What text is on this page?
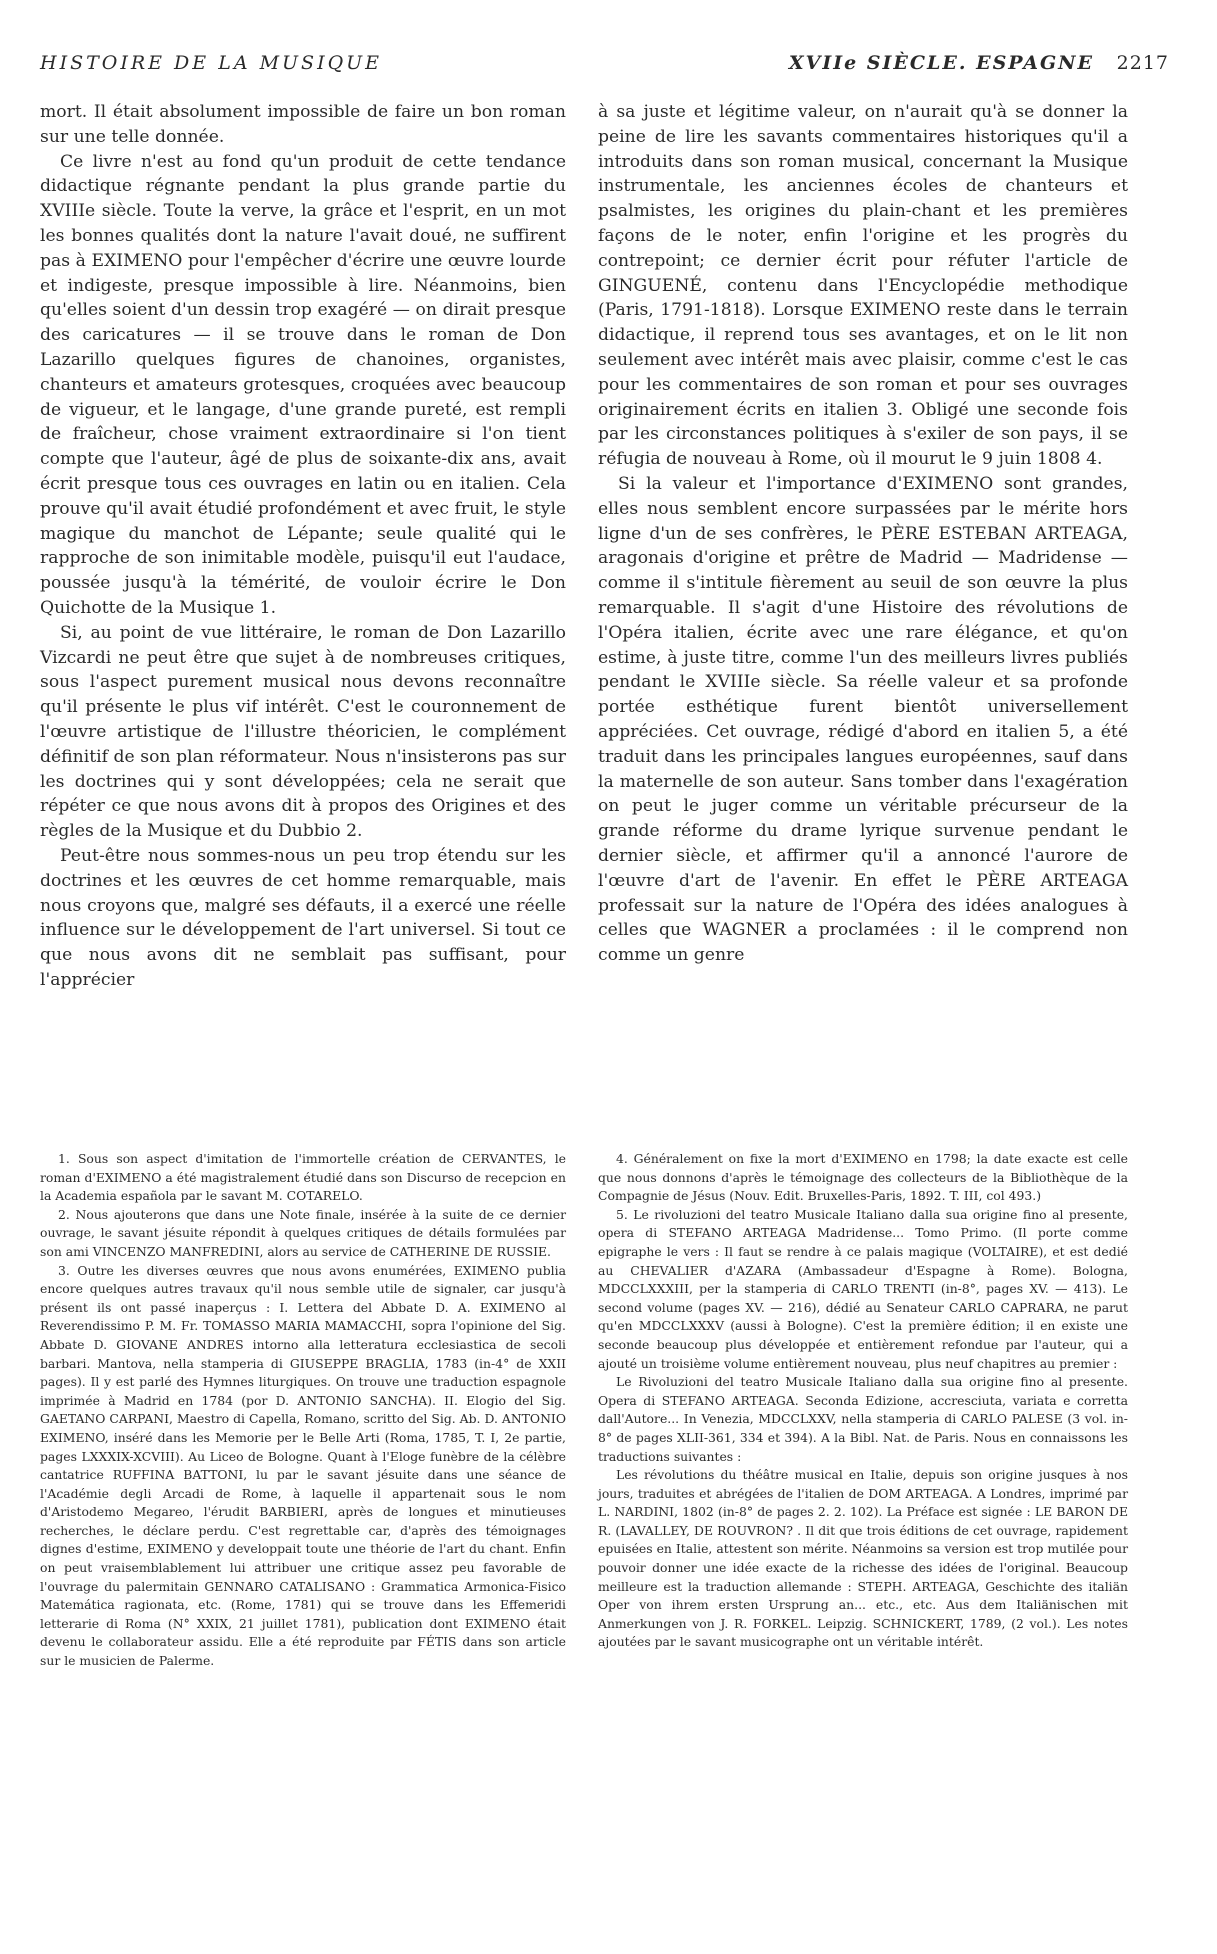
HISTOIRE DE LA MUSIQUE	XVIIe SIÈCLE. ESPAGNE 2217

mort. Il était absolument impossible de faire un bon roman sur une telle donnée.

Ce livre n'est au fond qu'un produit de cette tendance didactique régnante pendant la plus grande partie du XVIIIe siècle. Toute la verve, la grâce et l'esprit, en un mot les bonnes qualités dont la nature l'avait doué, ne suffirent pas à EXIMENO pour l'empêcher d'écrire une œuvre lourde et indigeste, presque impossible à lire. Néanmoins, bien qu'elles soient d'un dessin trop exagéré — on dirait presque des caricatures — il se trouve dans le roman de Don Lazarillo quelques figures de chanoines, organistes, chanteurs et amateurs grotesques, croquées avec beaucoup de vigueur, et le langage, d'une grande pureté, est rempli de fraîcheur, chose vraiment extraordinaire si l'on tient compte que l'auteur, âgé de plus de soixante-dix ans, avait écrit presque tous ces ouvrages en latin ou en italien. Cela prouve qu'il avait étudié profondément et avec fruit, le style magique du manchot de Lépante; seule qualité qui le rapproche de son inimitable modèle, puisqu'il eut l'audace, poussée jusqu'à la témérité, de vouloir écrire le Don Quichotte de la Musique 1.

Si, au point de vue littéraire, le roman de Don Lazarillo Vizcardi ne peut être que sujet à de nombreuses critiques, sous l'aspect purement musical nous devons reconnaître qu'il présente le plus vif intérêt. C'est le couronnement de l'œuvre artistique de l'illustre théoricien, le complément définitif de son plan réformateur. Nous n'insisterons pas sur les doctrines qui y sont développées; cela ne serait que répéter ce que nous avons dit à propos des Origines et des règles de la Musique et du Dubbio 2.

Peut-être nous sommes-nous un peu trop étendu sur les doctrines et les œuvres de cet homme remarquable, mais nous croyons que, malgré ses défauts, il a exercé une réelle influence sur le développement de l'art universel. Si tout ce que nous avons dit ne semblait pas suffisant, pour l'apprécier

à sa juste et légitime valeur, on n'aurait qu'à se donner la peine de lire les savants commentaires historiques qu'il a introduits dans son roman musical, concernant la Musique instrumentale, les anciennes écoles de chanteurs et psalmistes, les origines du plain-chant et les premières façons de le noter, enfin l'origine et les progrès du contrepoint; ce dernier écrit pour réfuter l'article de GINGUENÉ, contenu dans l'Encyclopédie methodique (Paris, 1791-1818). Lorsque EXIMENO reste dans le terrain didactique, il reprend tous ses avantages, et on le lit non seulement avec intérêt mais avec plaisir, comme c'est le cas pour les commentaires de son roman et pour ses ouvrages originairement écrits en italien 3. Obligé une seconde fois par les circonstances politiques à s'exiler de son pays, il se réfugia de nouveau à Rome, où il mourut le 9 juin 1808 4.

Si la valeur et l'importance d'EXIMENO sont grandes, elles nous semblent encore surpassées par le mérite hors ligne d'un de ses confrères, le PÈRE ESTEBAN ARTEAGA, aragonais d'origine et prêtre de Madrid — Madridense — comme il s'intitule fièrement au seuil de son œuvre la plus remarquable. Il s'agit d'une Histoire des révolutions de l'Opéra italien, écrite avec une rare élégance, et qu'on estime, à juste titre, comme l'un des meilleurs livres publiés pendant le XVIIIe siècle. Sa réelle valeur et sa profonde portée esthétique furent bientôt universellement appréciées. Cet ouvrage, rédigé d'abord en italien 5, a été traduit dans les principales langues européennes, sauf dans la maternelle de son auteur. Sans tomber dans l'exagération on peut le juger comme un véritable précurseur de la grande réforme du drame lyrique survenue pendant le dernier siècle, et affirmer qu'il a annoncé l'aurore de l'œuvre d'art de l'avenir. En effet le PÈRE ARTEAGA professait sur la nature de l'Opéra des idées analogues à celles que WAGNER a proclamées : il le comprend non comme un genre

1. Sous son aspect d'imitation de l'immortelle création de CERVANTES, le roman d'EXIMENO a été magistralement étudié dans son Discurso de recepcion en la Academia española par le savant M. COTARELO.

2. Nous ajouterons que dans une Note finale, insérée à la suite de ce dernier ouvrage, le savant jésuite répondit à quelques critiques de détails formulées par son ami VINCENZO MANFREDINI, alors au service de CATHERINE DE RUSSIE.

3. Outre les diverses œuvres que nous avons enumérées, EXIMENO publia encore quelques autres travaux qu'il nous semble utile de signaler, car jusqu'à présent ils ont passé inaperçus : I. Lettera del Abbate D. A. EXIMENO al Reverendissimo P. M. Fr. TOMASSO MARIA MAMACCHI, sopra l'opinione del Sig. Abbate D. GIOVANE ANDRES intorno alla letteratura ecclesiastica de secoli barbari. Mantova, nella stamperia di GIUSEPPE BRAGLIA, 1783 (in-4° de XXII pages). Il y est parlé des Hymnes liturgiques. On trouve une traduction espagnole imprimée à Madrid en 1784 (por D. ANTONIO SANCHA). II. Elogio del Sig. GAETANO CARPANI, Maestro di Capella, Romano, scritto del Sig. Ab. D. ANTONIO EXIMENO, inséré dans les Memorie per le Belle Arti (Roma, 1785, T. I, 2e partie, pages LXXXIX-XCVIII). Au Liceo de Bologne. Quant à l'Eloge funèbre de la célèbre cantatrice RUFFINA BATTONI, lu par le savant jésuite dans une séance de l'Académie degli Arcadi de Rome, à laquelle il appartenait sous le nom d'Aristodemo Megareo, l'érudit BARBIERI, après de longues et minutieuses recherches, le déclare perdu. C'est regrettable car, d'après des témoignages dignes d'estime, EXIMENO y developpait toute une théorie de l'art du chant. Enfin on peut vraisemblablement lui attribuer une critique assez peu favorable de l'ouvrage du palermitain GENNARO CATALISANO : Grammatica Armonica-Fisico Matemática ragionata, etc. (Rome, 1781) qui se trouve dans les Effemeridi letterarie di Roma (N° XXIX, 21 juillet 1781), publication dont EXIMENO était devenu le collaborateur assidu. Elle a été reproduite par FÉTIS dans son article sur le musicien de Palerme.

4. Généralement on fixe la mort d'EXIMENO en 1798; la date exacte est celle que nous donnons d'après le témoignage des collecteurs de la Bibliothèque de la Compagnie de Jésus (Nouv. Edit. Bruxelles-Paris, 1892. T. III, col 493.)

5. Le rivoluzioni del teatro Musicale Italiano dalla sua origine fino al presente, opera di STEFANO ARTEAGA Madridense... Tomo Primo. (Il porte comme epigraphe le vers : Il faut se rendre à ce palais magique (VOLTAIRE), et est dedié au CHEVALIER d'AZARA (Ambassadeur d'Espagne à Rome). Bologna, MDCCLXXXIII, per la stamperia di CARLO TRENTI (in-8°, pages XV. — 413). Le second volume (pages XV. — 216), dédié au Senateur CARLO CAPRARA, ne parut qu'en MDCCLXXXV (aussi à Bologne). C'est la première édition; il en existe une seconde beaucoup plus développée et entièrement refondue par l'auteur, qui a ajouté un troisième volume entièrement nouveau, plus neuf chapitres au premier :

Le Rivoluzioni del teatro Musicale Italiano dalla sua origine fino al presente. Opera di STEFANO ARTEAGA. Seconda Edizione, accresciuta, variata e corretta dall'Autore... In Venezia, MDCCLXXV, nella stamperia di CARLO PALESE (3 vol. in-8° de pages XLII-361, 334 et 394). A la Bibl. Nat. de Paris. Nous en connaissons les traductions suivantes :

Les révolutions du théâtre musical en Italie, depuis son origine jusques à nos jours, traduites et abrégées de l'italien de DOM ARTEAGA. A Londres, imprimé par L. NARDINI, 1802 (in-8° de pages 2. 2. 102). La Préface est signée : LE BARON DE R. (LAVALLEY, DE ROUVRON? . Il dit que trois éditions de cet ouvrage, rapidement epuisées en Italie, attestent son mérite. Néanmoins sa version est trop mutilée pour pouvoir donner une idée exacte de la richesse des idées de l'original. Beaucoup meilleure est la traduction allemande : STEPH. ARTEAGA, Geschichte des italiän Oper von ihrem ersten Ursprung an... etc., etc. Aus dem Italiänischen mit Anmerkungen von J. R. FORKEL. Leipzig. SCHNICKERT, 1789, (2 vol.). Les notes ajoutées par le savant musicographe ont un véritable intérêt.
